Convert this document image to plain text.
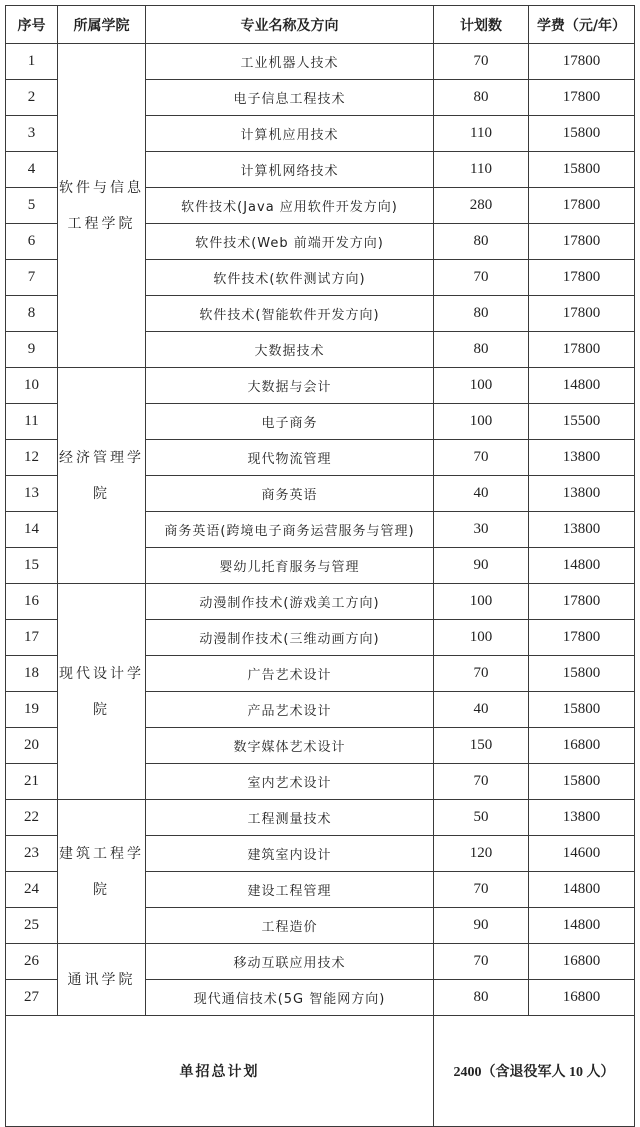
序号	所属学院	专业名称及方向	计划数	学费（元/年）
1	软件与信息工程学院	工业机器人技术	70	17800
2		电子信息工程技术	80	17800
3		计算机应用技术	110	15800
4		计算机网络技术	110	15800
5		软件技术(Java 应用软件开发方向)	280	17800
6		软件技术(Web 前端开发方向)	80	17800
7		软件技术(软件测试方向)	70	17800
8		软件技术(智能软件开发方向)	80	17800
9		大数据技术	80	17800
10	经济管理学院	大数据与会计	100	14800
11		电子商务	100	15500
12		现代物流管理	70	13800
13		商务英语	40	13800
14		商务英语(跨境电子商务运营服务与管理)	30	13800
15		婴幼儿托育服务与管理	90	14800
16	现代设计学院	动漫制作技术(游戏美工方向)	100	17800
17		动漫制作技术(三维动画方向)	100	17800
18		广告艺术设计	70	15800
19		产品艺术设计	40	15800
20		数字媒体艺术设计	150	16800
21		室内艺术设计	70	15800
22	建筑工程学院	工程测量技术	50	13800
23		建筑室内设计	120	14600
24		建设工程管理	70	14800
25		工程造价	90	14800
26	通讯学院	移动互联应用技术	70	16800
27		现代通信技术(5G 智能网方向)	80	16800
单招总计划			2400（含退役军人 10 人）	
